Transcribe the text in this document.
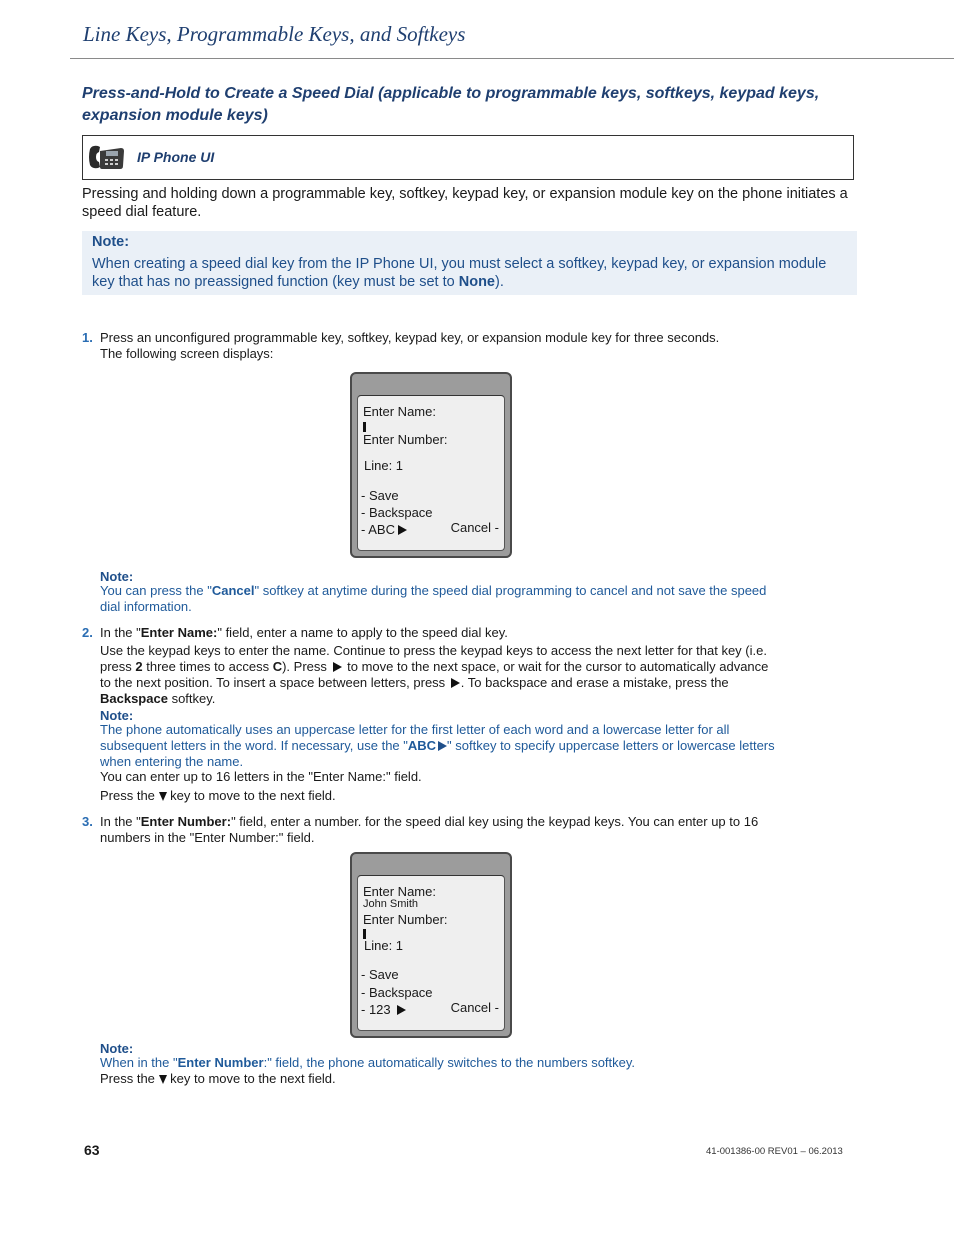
Line Keys, Programmable Keys, and Softkeys
Press-and-Hold to Create a Speed Dial (applicable to programmable keys, softkeys, keypad keys, expansion module keys)
IP Phone UI
Pressing and holding down a programmable key, softkey, keypad key, or expansion module key on the phone initiates a speed dial feature.
Note:
When creating a speed dial key from the IP Phone UI, you must select a softkey, keypad key, or expansion module key that has no preassigned function (key must be set to None).
1. Press an unconfigured programmable key, softkey, keypad key, or expansion module key for three seconds.
The following screen displays:
Enter Name:
Enter Number:
Line: 1
- Save
- Backspace
- ABC	Cancel -
Note:
You can press the "Cancel" softkey at anytime during the speed dial programming to cancel and not save the speed dial information.
2. In the "Enter Name:" field, enter a name to apply to the speed dial key.
Use the keypad keys to enter the name. Continue to press the keypad keys to access the next letter for that key (i.e. press 2 three times to access C). Press  to move to the next space, or wait for the cursor to automatically advance to the next position. To insert a space between letters, press . To backspace and erase a mistake, press the Backspace softkey.
Note:
The phone automatically uses an uppercase letter for the first letter of each word and a lowercase letter for all subsequent letters in the word. If necessary, use the "ABC " softkey to specify uppercase letters or lowercase letters when entering the name.
You can enter up to 16 letters in the "Enter Name:" field.
Press the key to move to the next field.
3. In the "Enter Number:" field, enter a number. for the speed dial key using the keypad keys. You can enter up to 16 numbers in the "Enter Number:" field.
Enter Name:
John Smith
Enter Number:
Line: 1
- Save
- Backspace
- 123	Cancel -
Note:
When in the "Enter Number:" field, the phone automatically switches to the numbers softkey.
Press the key to move to the next field.
63	41-001386-00 REV01 – 06.2013
